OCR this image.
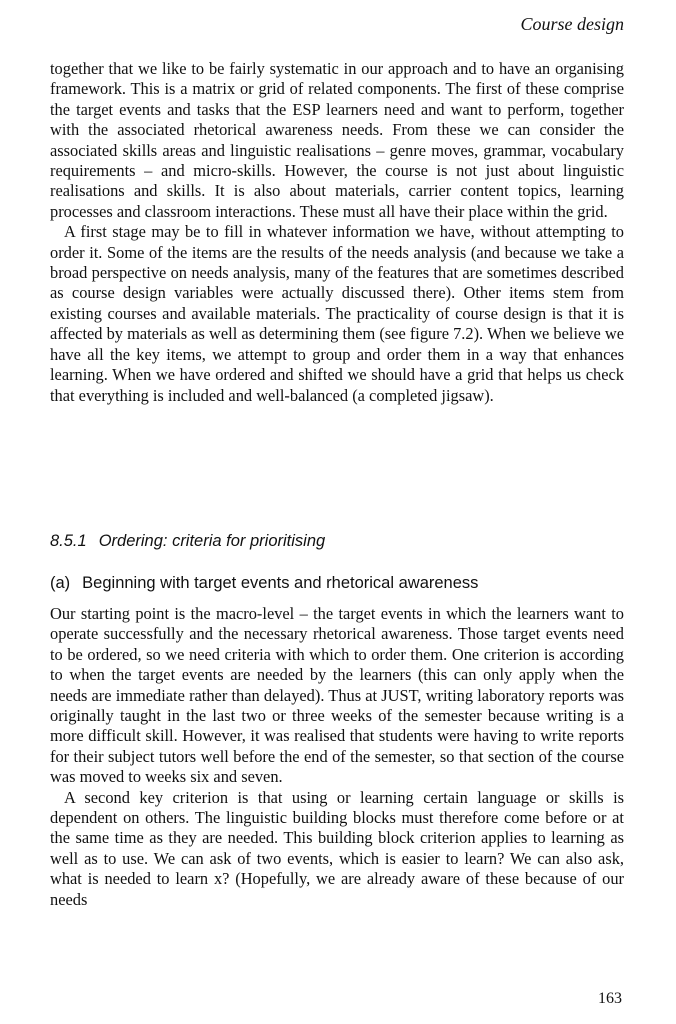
Course design

together that we like to be fairly systematic in our approach and to have an organising framework. This is a matrix or grid of related components. The first of these comprise the target events and tasks that the ESP learners need and want to perform, together with the associated rhetorical awareness needs. From these we can consider the associated skills areas and linguistic realisations – genre moves, grammar, vocabulary requirements – and micro-skills. However, the course is not just about linguistic realisations and skills. It is also about materials, carrier content topics, learning processes and classroom interactions. These must all have their place within the grid.

A first stage may be to fill in whatever information we have, without attempting to order it. Some of the items are the results of the needs analysis (and because we take a broad perspective on needs analysis, many of the features that are sometimes described as course design variables were actually discussed there). Other items stem from existing courses and available materials. The practicality of course design is that it is affected by materials as well as determining them (see figure 7.2). When we believe we have all the key items, we attempt to group and order them in a way that enhances learning. When we have ordered and shifted we should have a grid that helps us check that everything is included and well-balanced (a completed jigsaw).

8.5.1 Ordering: criteria for prioritising
(a) Beginning with target events and rhetorical awareness

Our starting point is the macro-level – the target events in which the learners want to operate successfully and the necessary rhetorical awareness. Those target events need to be ordered, so we need criteria with which to order them. One criterion is according to when the target events are needed by the learners (this can only apply when the needs are immediate rather than delayed). Thus at JUST, writing laboratory reports was originally taught in the last two or three weeks of the semester because writing is a more difficult skill. However, it was realised that students were having to write reports for their subject tutors well before the end of the semester, so that section of the course was moved to weeks six and seven.

A second key criterion is that using or learning certain language or skills is dependent on others. The linguistic building blocks must therefore come before or at the same time as they are needed. This building block criterion applies to learning as well as to use. We can ask of two events, which is easier to learn? We can also ask, what is needed to learn x? (Hopefully, we are already aware of these because of our needs

163
